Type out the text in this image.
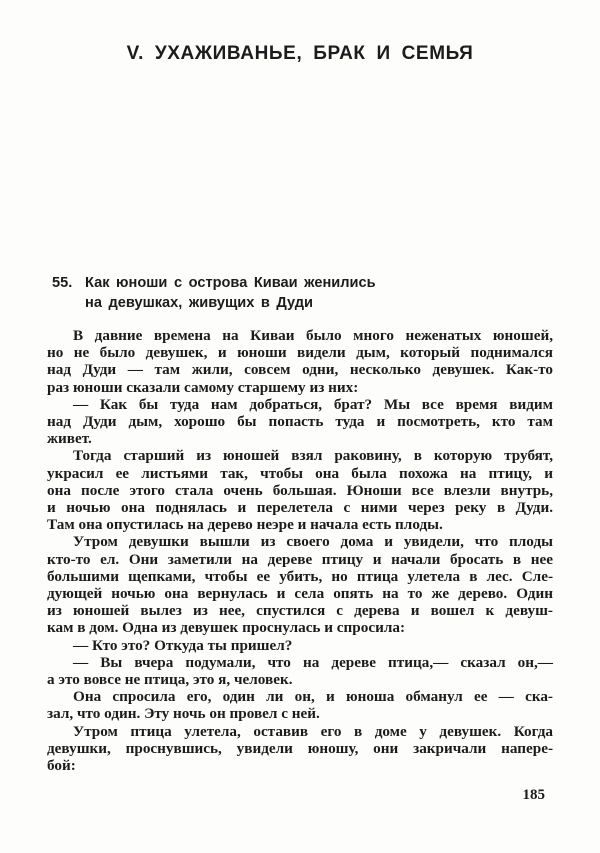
V. УХАЖИВАНЬЕ, БРАК И СЕМЬЯ
55. Как юноши с острова Киваи женились
на девушках, живущих в Дуди

В давние времена на Киваи было много неженатых юношей,
но не было девушек, и юноши видели дым, который поднимался
над Дуди — там жили, совсем одни, несколько девушек. Как-то
раз юноши сказали самому старшему из них:

— Как бы туда нам добраться, брат? Мы все время видим
над Дуди дым, хорошо бы попасть туда и посмотреть, кто там
живет.

Тогда старший из юношей взял раковину, в которую трубят,
украсил ее листьями так, чтобы она была похожа на птицу, и
она после этого стала очень большая. Юноши все влезли внутрь,
и ночью она поднялась и перелетела с ними через реку в Дуди.
Там она опустилась на дерево неэре и начала есть плоды.

Утром девушки вышли из своего дома и увидели, что плоды
кто-то ел. Они заметили на дереве птицу и начали бросать в нее
большими щепками, чтобы ее убить, но птица улетела в лес. Сле-
дующей ночью она вернулась и села опять на то же дерево. Один
из юношей вылез из нее, спустился с дерева и вошел к девуш-
кам в дом. Одна из девушек проснулась и спросила:

— Кто это? Откуда ты пришел?

— Вы вчера подумали, что на дереве птица,— сказал он,—
а это вовсе не птица, это я, человек.

Она спросила его, один ли он, и юноша обманул ее — ска-
зал, что один. Эту ночь он провел с ней.

Утром птица улетела, оставив его в доме у девушек. Когда
девушки, проснувшись, увидели юношу, они закричали напере-
бой:

185
